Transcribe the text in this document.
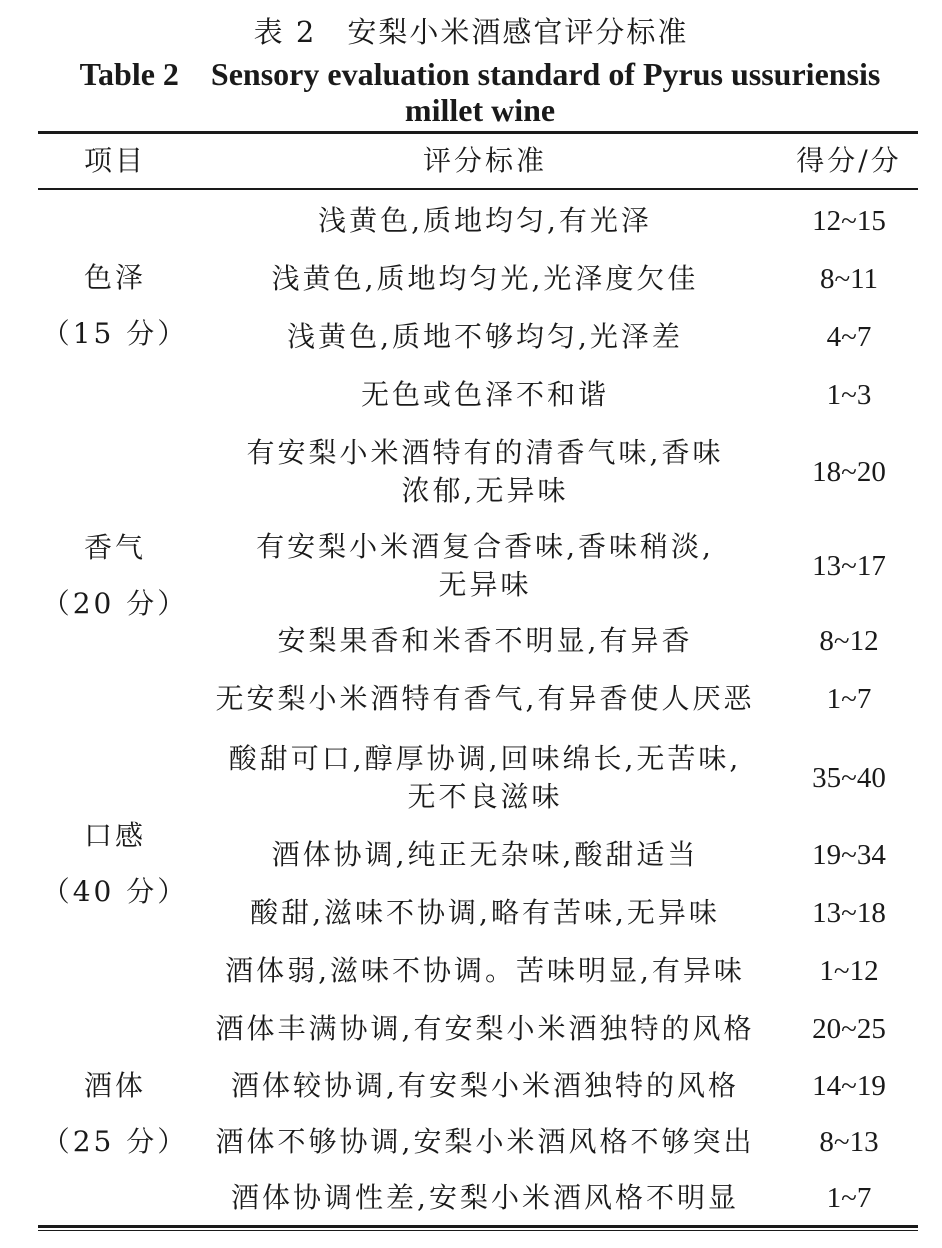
表 2　安梨小米酒感官评分标准
Table 2　Sensory evaluation standard of Pyrus ussuriensis millet wine
项目	评分标准	得分/分
色泽
（15 分）
浅黄色,质地均匀,有光泽	12~15
浅黄色,质地均匀光,光泽度欠佳	8~11
浅黄色,质地不够均匀,光泽差	4~7
无色或色泽不和谐	1~3
香气
（20 分）
有安梨小米酒特有的清香气味,香味
浓郁,无异味
18~20
有安梨小米酒复合香味,香味稍淡,
无异味
13~17
安梨果香和米香不明显,有异香	8~12
无安梨小米酒特有香气,有异香使人厌恶	1~7
口感
（40 分）
酸甜可口,醇厚协调,回味绵长,无苦味,
无不良滋味
35~40
酒体协调,纯正无杂味,酸甜适当	19~34
酸甜,滋味不协调,略有苦味,无异味	13~18
酒体弱,滋味不协调。苦味明显,有异味	1~12
酒体
（25 分）
酒体丰满协调,有安梨小米酒独特的风格	20~25
酒体较协调,有安梨小米酒独特的风格	14~19
酒体不够协调,安梨小米酒风格不够突出	8~13
酒体协调性差,安梨小米酒风格不明显	1~7
